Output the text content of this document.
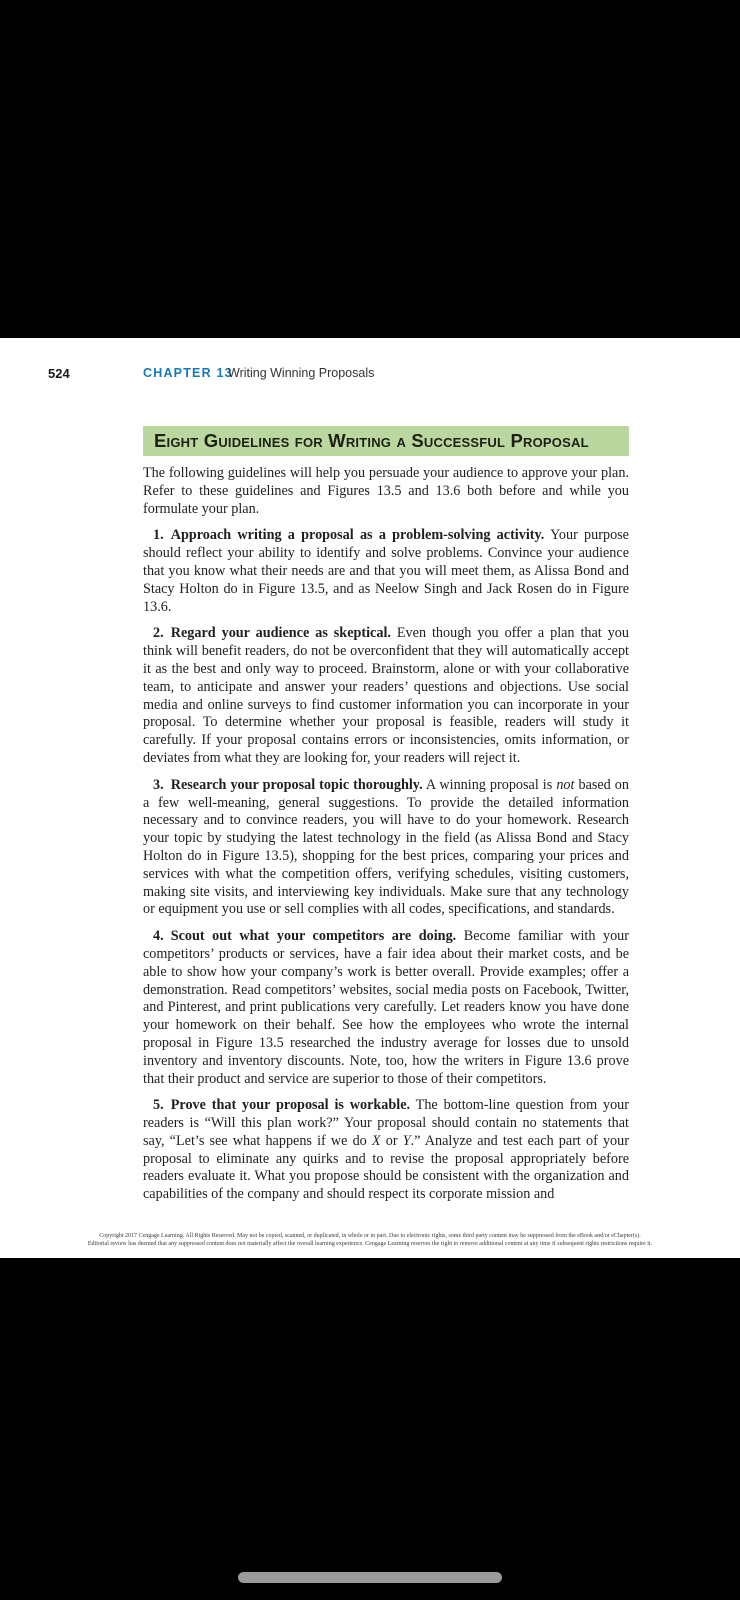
524	CHAPTER 13
Writing Winning Proposals
Eight Guidelines for Writing a Successful Proposal

The following guidelines will help you persuade your audience to approve your plan. Refer to these guidelines and Figures 13.5 and 13.6 both before and while you formulate your plan.

1. Approach writing a proposal as a problem-solving activity. Your purpose should reflect your ability to identify and solve problems. Convince your audience that you know what their needs are and that you will meet them, as Alissa Bond and Stacy Holton do in Figure 13.5, and as Neelow Singh and Jack Rosen do in Figure 13.6.

2. Regard your audience as skeptical. Even though you offer a plan that you think will benefit readers, do not be overconfident that they will automatically accept it as the best and only way to proceed. Brainstorm, alone or with your collaborative team, to anticipate and answer your readers’ questions and objections. Use social media and online surveys to find customer information you can incorporate in your proposal. To determine whether your proposal is feasible, readers will study it carefully. If your proposal contains errors or inconsistencies, omits information, or deviates from what they are looking for, your readers will reject it.

3. Research your proposal topic thoroughly. A winning proposal is not based on a few well-meaning, general suggestions. To provide the detailed information necessary and to convince readers, you will have to do your homework. Research your topic by studying the latest technology in the field (as Alissa Bond and Stacy Holton do in Figure 13.5), shopping for the best prices, comparing your prices and services with what the competition offers, verifying schedules, visiting customers, making site visits, and interviewing key individuals. Make sure that any technology or equipment you use or sell complies with all codes, specifications, and standards.

4. Scout out what your competitors are doing. Become familiar with your competitors’ products or services, have a fair idea about their market costs, and be able to show how your company’s work is better overall. Provide examples; offer a demonstration. Read competitors’ websites, social media posts on Facebook, Twitter, and Pinterest, and print publications very carefully. Let readers know you have done your homework on their behalf. See how the employees who wrote the internal proposal in Figure 13.5 researched the industry average for losses due to unsold inventory and inventory discounts. Note, too, how the writers in Figure 13.6 prove that their product and service are superior to those of their competitors.

5. Prove that your proposal is workable. The bottom-line question from your readers is “Will this plan work?” Your proposal should contain no statements that say, “Let’s see what happens if we do X or Y.” Analyze and test each part of your proposal to eliminate any quirks and to revise the proposal appropriately before readers evaluate it. What you propose should be consistent with the organization and capabilities of the company and should respect its corporate mission and

Copyright 2017 Cengage Learning. All Rights Reserved. May not be copied, scanned, or duplicated, in whole or in part. Due to electronic rights, some third party content may be suppressed from the eBook and/or eChapter(s).
Editorial review has deemed that any suppressed content does not materially affect the overall learning experience. Cengage Learning reserves the right to remove additional content at any time if subsequent rights restrictions require it.
